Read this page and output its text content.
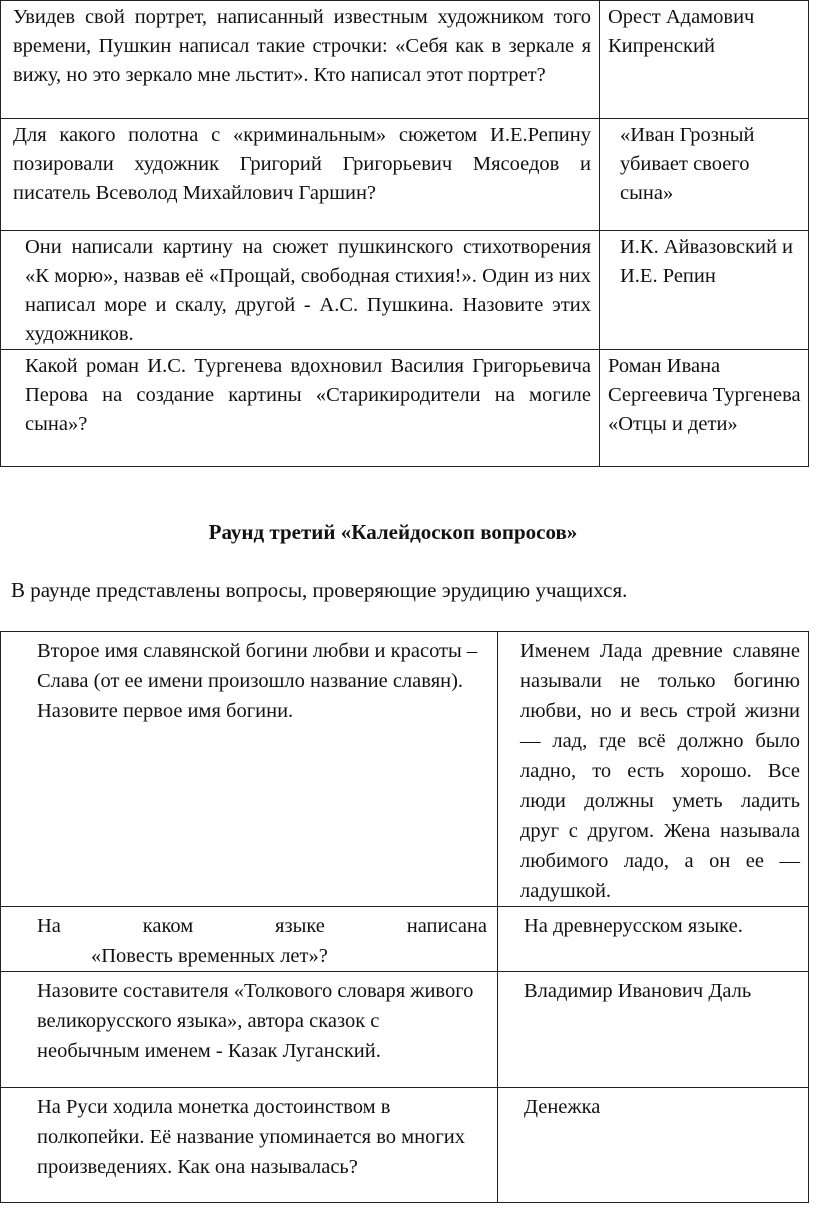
Увидев свой портрет, написанный известным художником того времени, Пушкин написал такие строчки: «Себя как в зеркале я вижу, но это зеркало мне льстит». Кто написал этот портрет?	Орест Адамович Кипренский

Для какого полотна с «криминальным» сюжетом И.Е.Репину позировали художник Григорий Григорьевич Мясоедов и писатель Всеволод Михайлович Гаршин?	«Иван Грозный убивает своего сына»
Они написали картину на сюжет пушкинского стихотворения «К морю», назвав её «Прощай, свободная стихия!». Один из них написал море и скалу, другой - А.С. Пушкина. Назовите этих художников.	И.К. Айвазовский и И.Е. Репин
Какой роман И.С. Тургенева вдохновил Василия Григорьевича Перова на создание картины «Старикиродители на могиле сына»?	Роман Ивана Сергеевича Тургенева «Отцы и дети»
Раунд третий «Калейдоскоп вопросов»
В раунде представлены вопросы, проверяющие эрудицию учащихся.
Второе имя славянской богини любви и красоты – Слава (от ее имени произошло название славян). Назовите первое имя богини.	Именем Лада древние славяне называли не только богиню любви, но и весь строй жизни — лад, где всё должно было ладно, то есть хорошо. Все люди должны уметь ладить друг с другом. Жена называла любимого ладо, а он ее — ладушкой.

На каком языке написана
«Повесть временных лет»?	На древнерусском языке.
Назовите составителя «Толкового словаря живого великорусского языка», автора сказок с необычным именем - Казак Луганский.	Владимир Иванович Даль
На Руси ходила монетка достоинством в полкопейки. Её название упоминается во многих произведениях. Как она называлась?	Денежка
